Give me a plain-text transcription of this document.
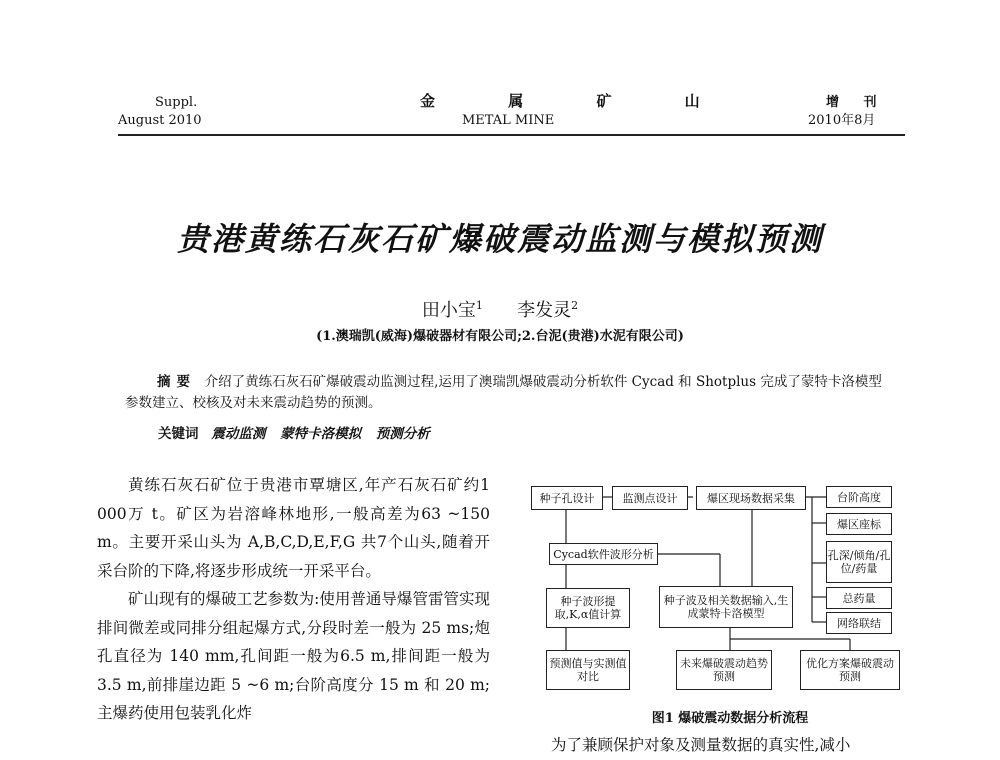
Suppl.
August 2010
金 属 矿 山
METAL MINE
增 刊
2010年8月
贵港黄练石灰石矿爆破震动监测与模拟预测
田小宝$^1$ 李发灵$^2$
(1.澳瑞凯(威海)爆破器材有限公司;2.台泥(贵港)水泥有限公司)
摘要 介绍了黄练石灰石矿爆破震动监测过程,运用了澳瑞凯爆破震动分析软件 Cycad 和 Shotplus 完成了蒙特卡洛模型参数建立、校核及对未来震动趋势的预测。
关键词 震动监测 蒙特卡洛模拟 预测分析

黄练石灰石矿位于贵港市覃塘区,年产石灰石矿约1 000万 t。矿区为岩溶峰林地形,一般高差为63 ~150 m。主要开采山头为 A,B,C,D,E,F,G 共7个山头,随着开采台阶的下降,将逐步形成统一开采平台。

矿山现有的爆破工艺参数为:使用普通导爆管雷管实现排间微差或同排分组起爆方式,分段时差一般为 25 ms;炮孔直径为 140 mm,孔间距一般为6.5 m,排间距一般为 3.5 m,前排崖边距 5 ~6 m;台阶高度分 15 m 和 20 m;主爆药使用包装乳化炸

种子孔设计	监测点设计	爆区现场数据采集	台阶高度
爆区座标
孔深/倾角/孔位/药量
总药量
网络联结
Cycad软件波形分析
种子波形提取,K,α值计算
种子波及相关数据输入,生成蒙特卡洛模型
预测值与实测值对比
未来爆破震动趋势预测
优化方案爆破震动预测
图1 爆破震动数据分析流程
为了兼顾保护对象及测量数据的真实性,减小
